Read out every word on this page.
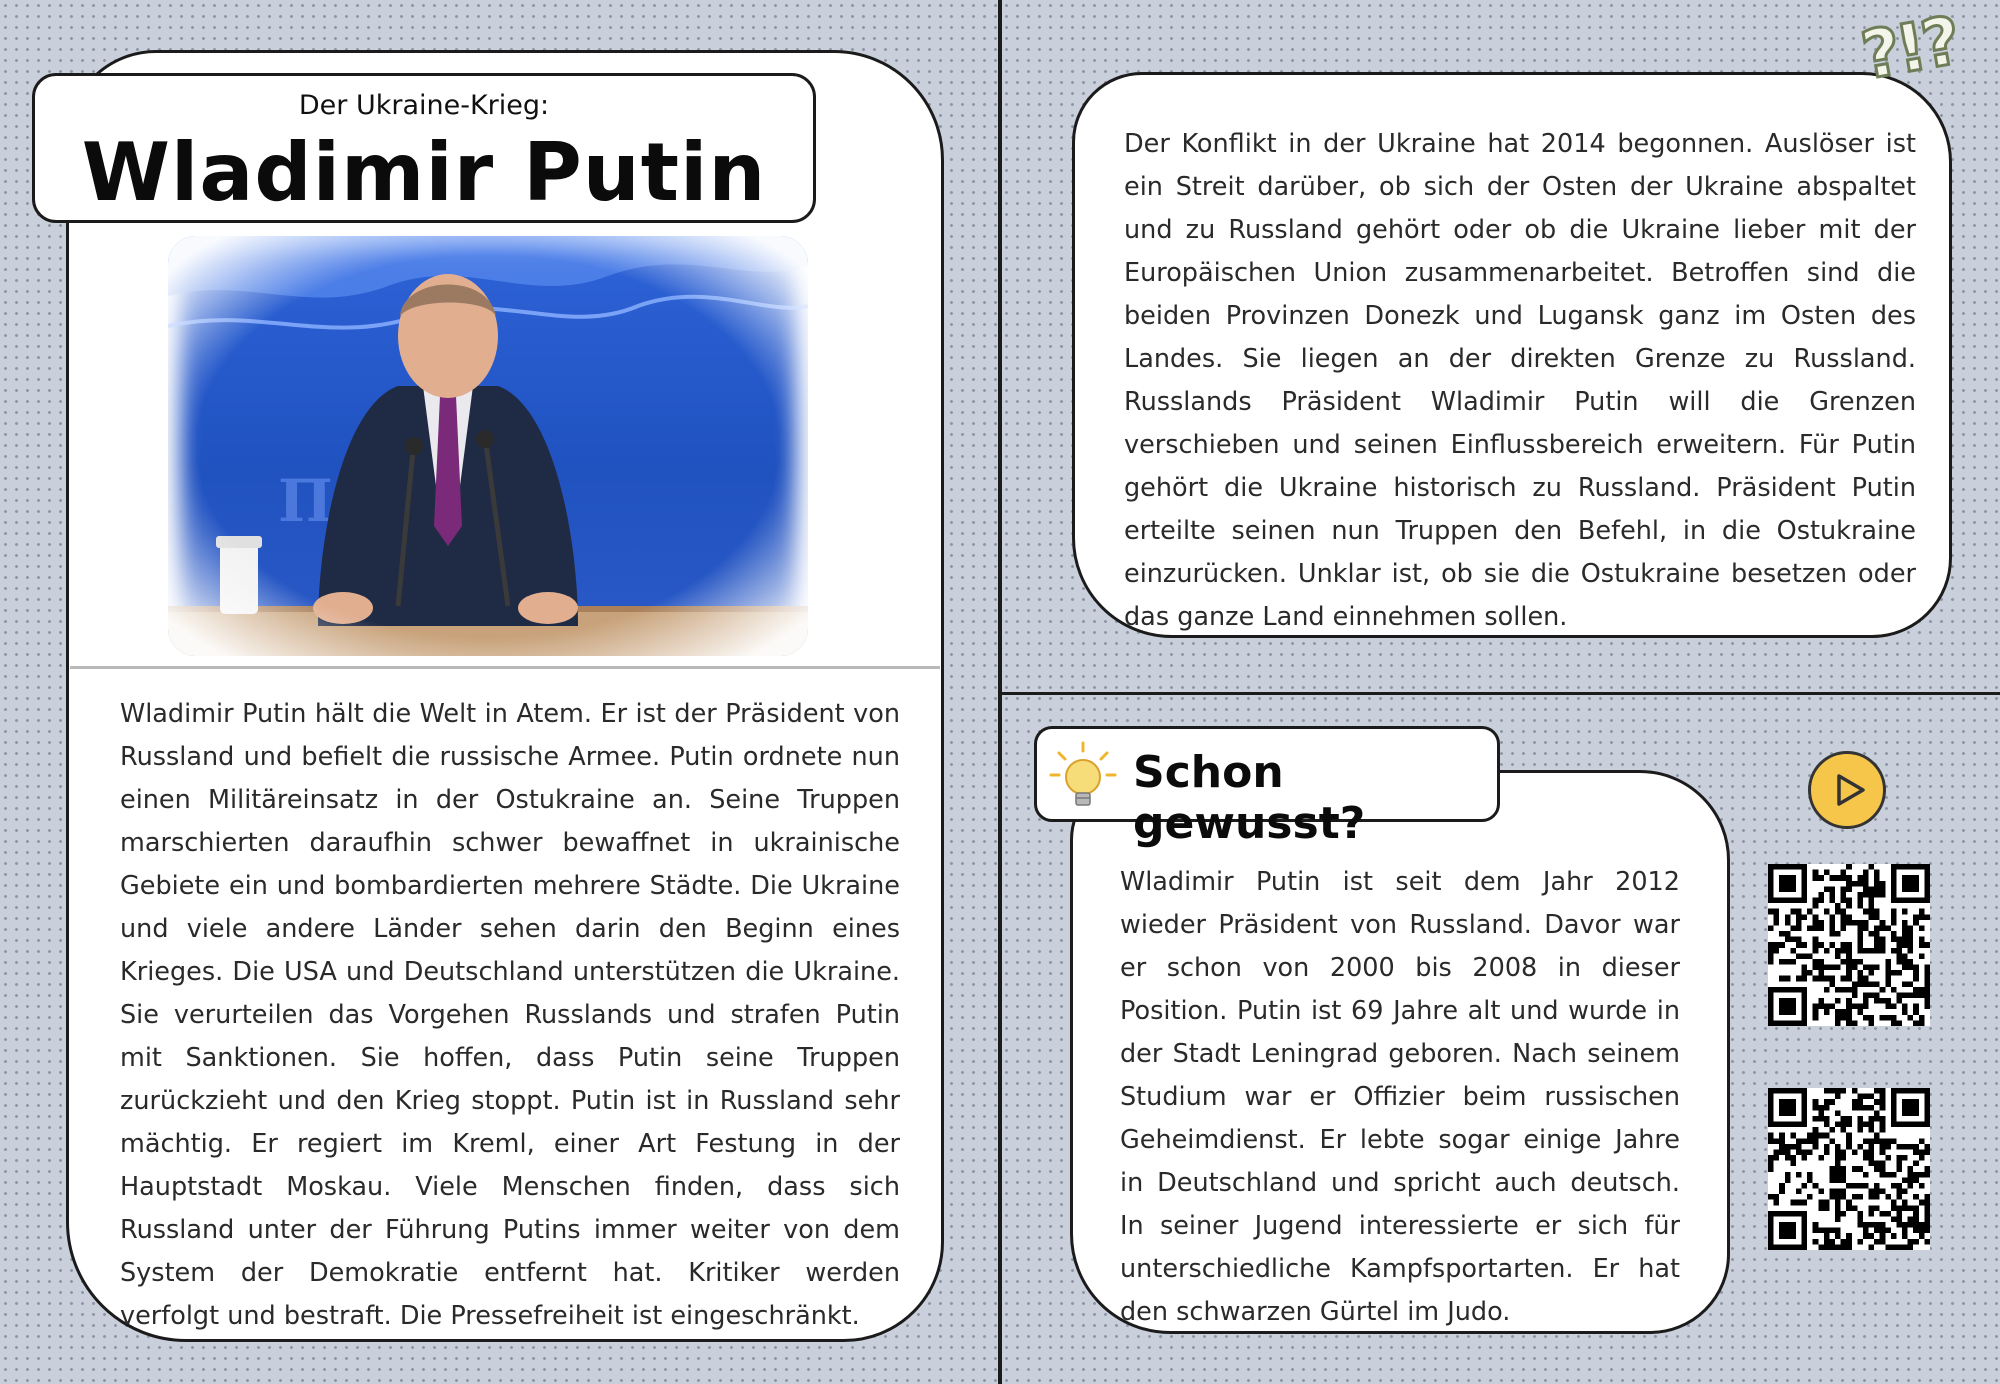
Der Ukraine-Krieg:
Wladimir Putin
Wladimir Putin hält die Welt in Atem. Er ist der Präsident von Russland und befielt die russische Armee. Putin ordnete nun einen Militäreinsatz in der Ostukraine an. Seine Truppen marschierten daraufhin schwer bewaffnet in ukrainische Gebiete ein und bombardierten mehrere Städte. Die Ukraine und viele andere Länder sehen darin den Beginn eines Krieges. Die USA und Deutschland unterstützen die Ukraine. Sie verurteilen das Vorgehen Russlands und strafen Putin mit Sanktionen. Sie hoffen, dass Putin seine Truppen zurückzieht und den Krieg stoppt. Putin ist in Russland sehr mächtig. Er regiert im Kreml, einer Art Festung in der Hauptstadt Moskau. Viele Menschen finden, dass sich Russland unter der Führung Putins immer weiter von dem System der Demokratie entfernt hat. Kritiker werden verfolgt und bestraft. Die Pressefreiheit ist eingeschränkt.
Der Konflikt in der Ukraine hat 2014 begonnen. Auslöser ist ein Streit darüber, ob sich der Osten der Ukraine abspaltet und zu Russland gehört oder ob die Ukraine lieber mit der Europäischen Union zusammenarbeitet. Betroffen sind die beiden Provinzen Donezk und Lugansk ganz im Osten des Landes. Sie liegen an der direkten Grenze zu Russland. Russlands Präsident Wladimir Putin will die Grenzen verschieben und seinen Einflussbereich erweitern. Für Putin gehört die Ukraine historisch zu Russland. Präsident Putin erteilte seinen nun Truppen den Befehl, in die Ostukraine einzurücken. Unklar ist, ob sie die Ostukraine besetzen oder das ganze Land einnehmen sollen.
?!?
Schon gewusst?
Wladimir Putin ist seit dem Jahr 2012 wieder Präsident von Russland. Davor war er schon von 2000 bis 2008 in dieser Position. Putin ist 69 Jahre alt und wurde in der Stadt Leningrad geboren. Nach seinem Studium war er Offizier beim russischen Geheimdienst. Er lebte sogar einige Jahre in Deutschland und spricht auch deutsch. In seiner Jugend interessierte er sich für unterschiedliche Kampfsportarten. Er hat den schwarzen Gürtel im Judo.
